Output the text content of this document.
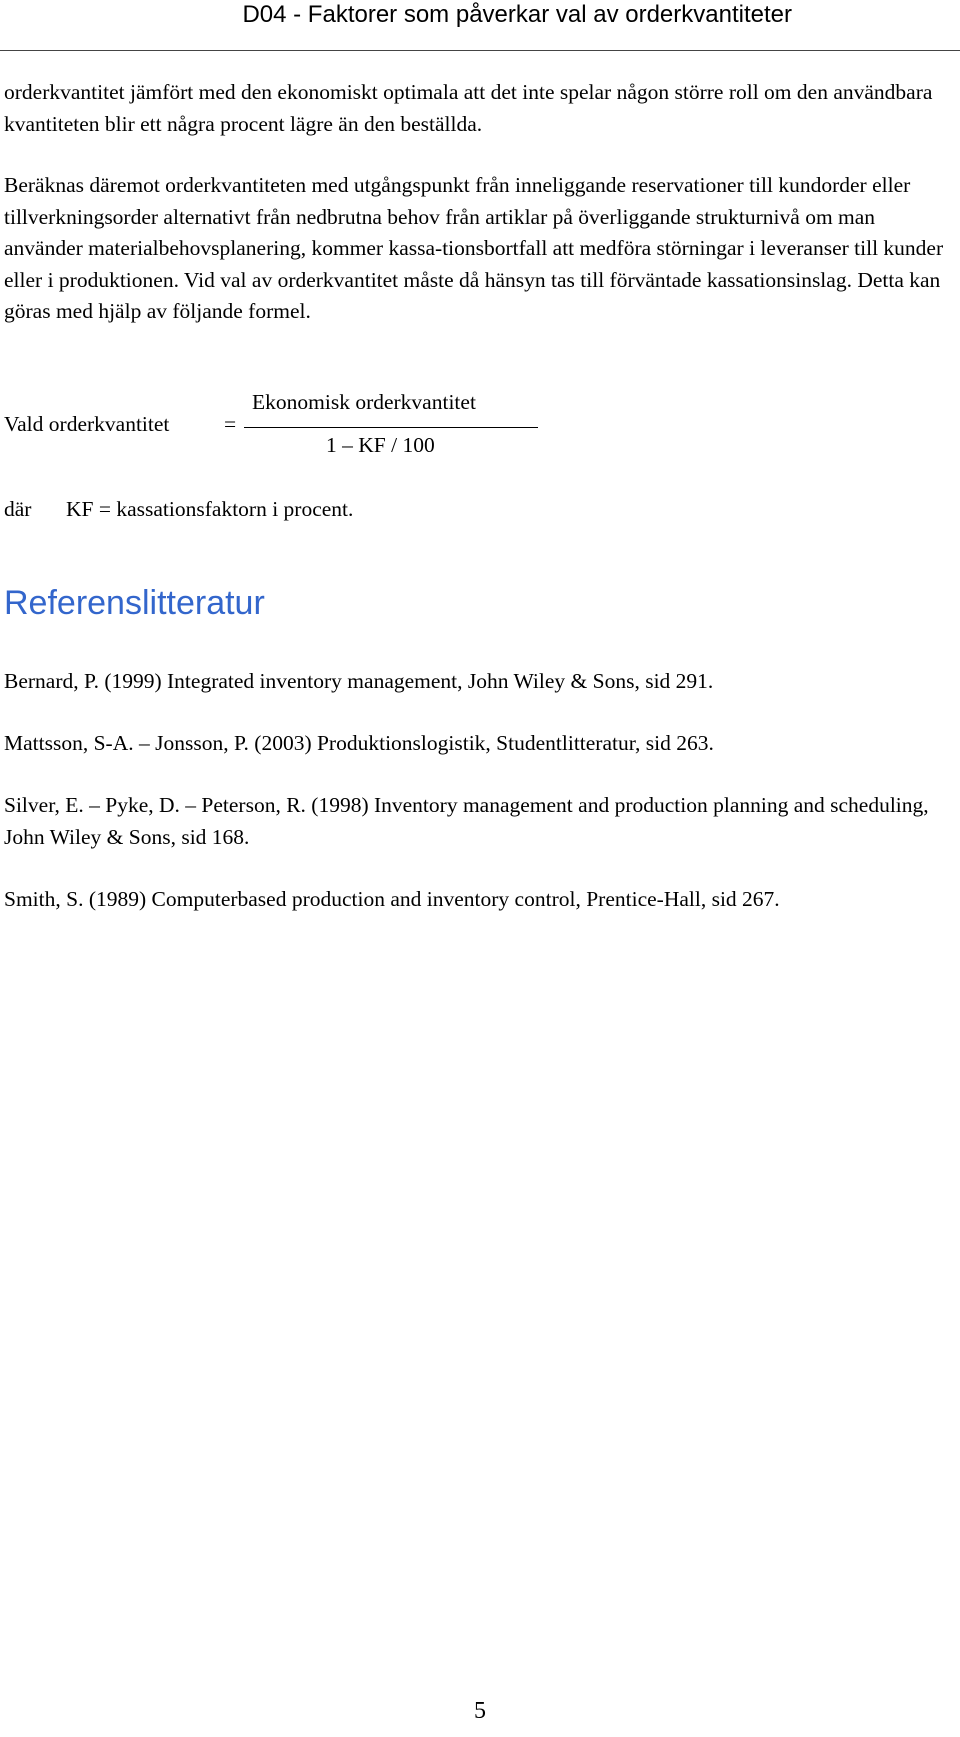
D04 - Faktorer som påverkar val av orderkvantiteter

orderkvantitet jämfört med den ekonomiskt optimala att det inte spelar någon större roll om den användbara kvantiteten blir ett några procent lägre än den beställda.

Beräknas däremot orderkvantiteten med utgångspunkt från inneliggande reservationer till kundorder eller tillverkningsorder alternativt från nedbrutna behov från artiklar på överliggande strukturnivå om man använder materialbehovsplanering, kommer kassa-tionsbortfall att medföra störningar i leveranser till kunder eller i produktionen. Vid val av orderkvantitet måste då hänsyn tas till förväntade kassationsinslag. Detta kan göras med hjälp av följande formel.

Vald orderkvantitet	=
Ekonomisk orderkvantitet
1 – KF / 100
där KF = kassationsfaktorn i procent.
Referenslitteratur

Bernard, P. (1999) Integrated inventory management, John Wiley & Sons, sid 291.

Mattsson, S-A. – Jonsson, P. (2003) Produktionslogistik, Studentlitteratur, sid 263.

Silver, E. – Pyke, D. – Peterson, R. (1998) Inventory management and production planning and scheduling, John Wiley & Sons, sid 168.

Smith, S. (1989) Computerbased production and inventory control, Prentice-Hall, sid 267.

5
